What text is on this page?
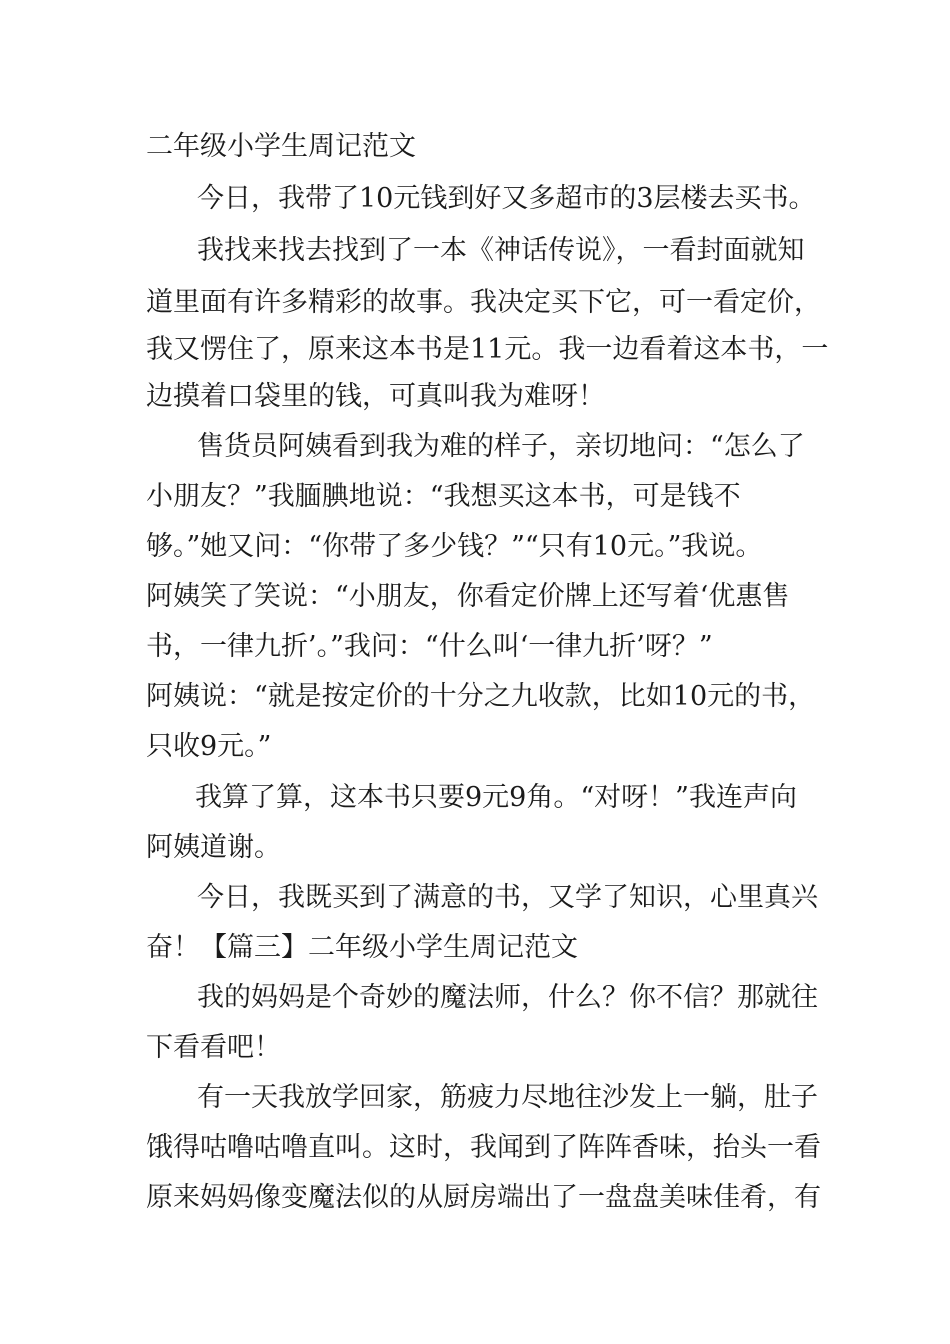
二年级小学生周记范文
今日，我带了10元钱到好又多超市的3层楼去买书。
我找来找去找到了一本《神话传说》，一看封面就知
道里面有许多精彩的故事。我决定买下它，可一看定价，
我又愣住了，原来这本书是11元。我一边看着这本书，一
边摸着口袋里的钱，可真叫我为难呀！
售货员阿姨看到我为难的样子，亲切地问：“怎么了
小朋友？”我腼腆地说：“我想买这本书，可是钱不
够。”她又问：“你带了多少钱？”“只有10元。”我说。
阿姨笑了笑说：“小朋友，你看定价牌上还写着‘优惠售
书，一律九折’。”我问：“什么叫‘一律九折’呀？”
阿姨说：“就是按定价的十分之九收款，比如10元的书，
只收9元。”
我算了算，这本书只要9元9角。“对呀！”我连声向
阿姨道谢。
今日，我既买到了满意的书，又学了知识，心里真兴
奋！【篇三】二年级小学生周记范文
我的妈妈是个奇妙的魔法师，什么？你不信？那就往
下看看吧！
有一天我放学回家，筋疲力尽地往沙发上一躺，肚子
饿得咕噜咕噜直叫。这时，我闻到了阵阵香味，抬头一看
原来妈妈像变魔法似的从厨房端出了一盘盘美味佳肴，有
